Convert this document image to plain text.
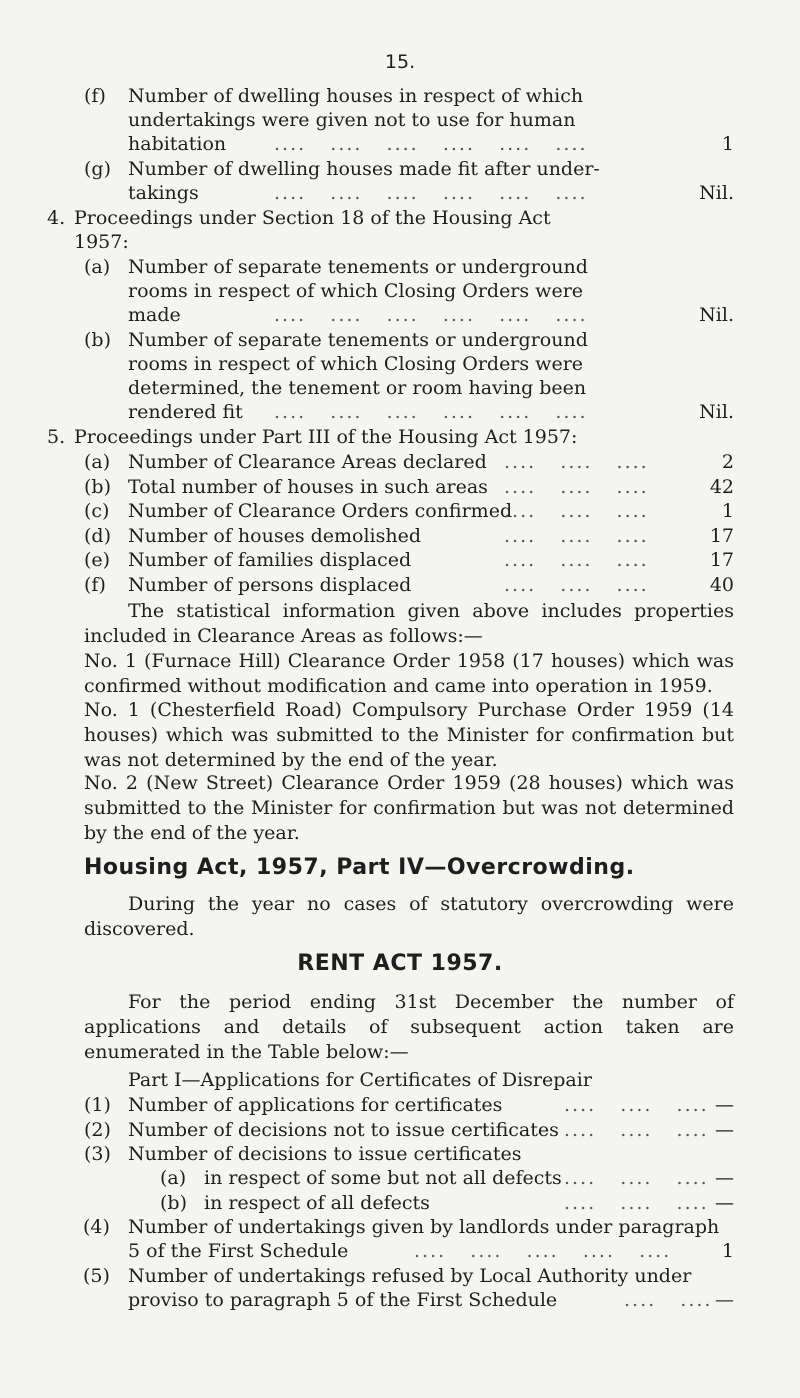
15.
(f) Number of dwelling houses in respect of which
undertakings were given not to use for human
habitation	....   ....   ....   ....   ....   ....	1
(g) Number of dwelling houses made fit after under-
takings	....   ....   ....   ....   ....   ....	Nil.
4. Proceedings under Section 18 of the Housing Act
1957:
(a) Number of separate tenements or underground
rooms in respect of which Closing Orders were
made	....   ....   ....   ....   ....   ....	Nil.
(b) Number of separate tenements or underground
rooms in respect of which Closing Orders were
determined, the tenement or room having been
rendered fit ....   ....   ....   ....   ....   ....	Nil.
5. Proceedings under Part III of the Housing Act 1957:
(a) Number of Clearance Areas declared ....   ....   ....	2
(b) Total number of houses in such areas ....   ....   ....	42
(c) Number of Clearance Orders confirmed
....   ....   ....	1
(d) Number of houses demolished	....   ....   ....	17
(e) Number of families displaced	....   ....   ....	17
(f) Number of persons displaced	....   ....   ....	40
The statistical information given above includes properties included in Clearance Areas as follows:—
No. 1 (Furnace Hill) Clearance Order 1958 (17 houses) which was confirmed without modification and came into operation in 1959.
No. 1 (Chesterfield Road) Compulsory Purchase Order 1959 (14 houses) which was submitted to the Minister for confirmation but was not determined by the end of the year.
No. 2 (New Street) Clearance Order 1959 (28 houses) which was submitted to the Minister for confirmation but was not determined by the end of the year.
Housing Act, 1957, Part IV—Overcrowding.
During the year no cases of statutory overcrowding were discovered.
RENT ACT 1957.
For the period ending 31st December the number of applications and details of subsequent action taken are enumerated in the Table below:—
Part I—Applications for Certificates of Disrepair
(1) Number of applications for certificates	....   ....   .... —
(2) Number of decisions not to issue certificates ....   ....   .... —
(3) Number of decisions to issue certificates
(a) in respect of some but not all defects ....   ....   .... —
(b) in respect of all defects	....   ....   .... —
(4) Number of undertakings given by landlords under paragraph
5 of the First Schedule	....   ....   ....   ....   ....	1
(5) Number of undertakings refused by Local Authority under
proviso to paragraph 5 of the First Schedule	....   .... —
